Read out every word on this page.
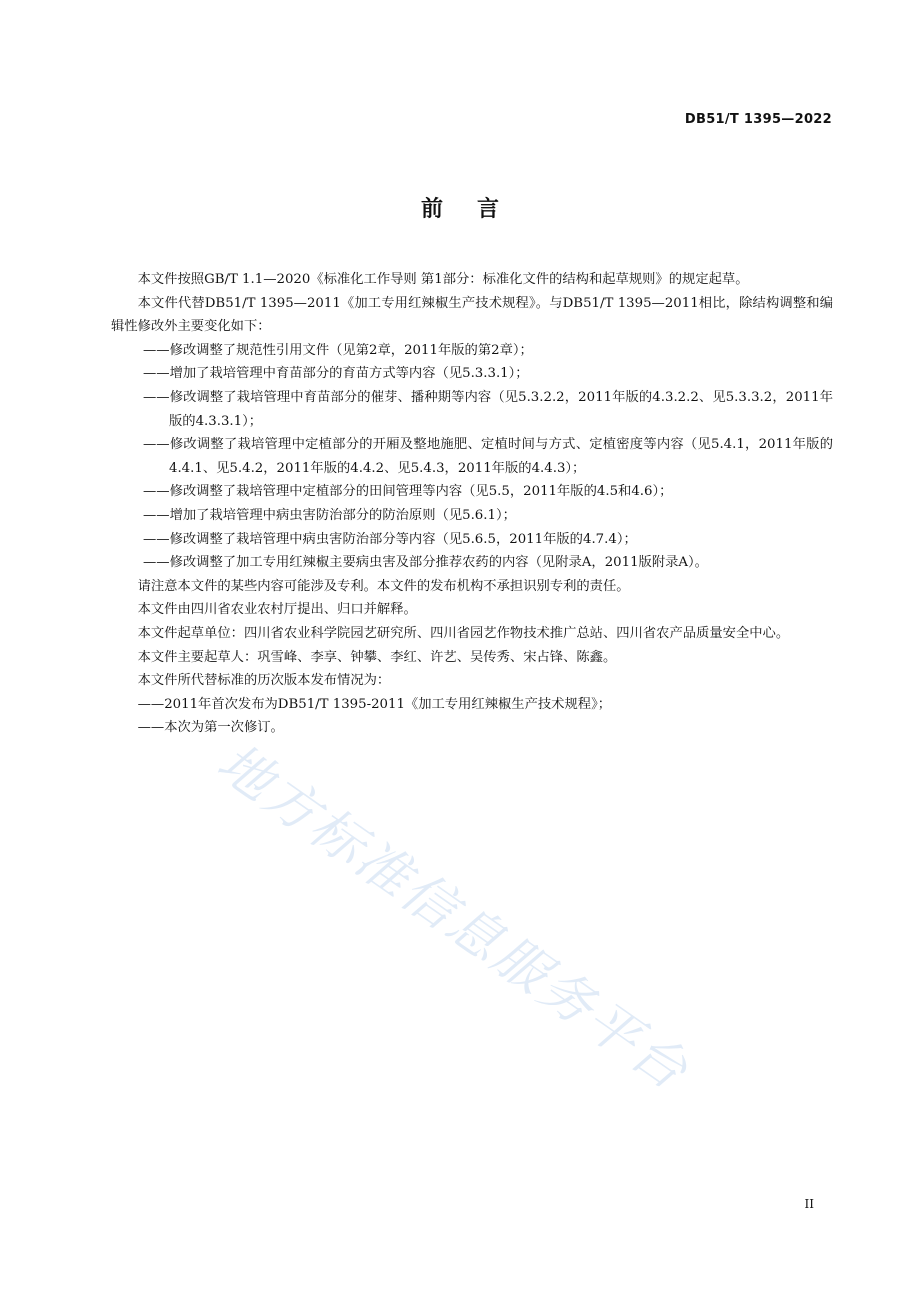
DB51/T 1395—2022
前言

本文件按照GB/T 1.1—2020《标准化工作导则 第1部分：标准化文件的结构和起草规则》的规定起草。

本文件代替DB51/T 1395—2011《加工专用红辣椒生产技术规程》。与DB51/T 1395—2011相比，除结构调整和编辑性修改外主要变化如下：

——修改调整了规范性引用文件（见第2章，2011年版的第2章）；

——增加了栽培管理中育苗部分的育苗方式等内容（见5.3.3.1）；

——修改调整了栽培管理中育苗部分的催芽、播种期等内容（见5.3.2.2，2011年版的4.3.2.2、见5.3.3.2，2011年版的4.3.3.1）；

——修改调整了栽培管理中定植部分的开厢及整地施肥、定植时间与方式、定植密度等内容（见5.4.1，2011年版的4.4.1、见5.4.2，2011年版的4.4.2、见5.4.3，2011年版的4.4.3）；

——修改调整了栽培管理中定植部分的田间管理等内容（见5.5，2011年版的4.5和4.6）；

——增加了栽培管理中病虫害防治部分的防治原则（见5.6.1）；

——修改调整了栽培管理中病虫害防治部分等内容（见5.6.5，2011年版的4.7.4）；

——修改调整了加工专用红辣椒主要病虫害及部分推荐农药的内容（见附录A，2011版附录A）。

请注意本文件的某些内容可能涉及专利。本文件的发布机构不承担识别专利的责任。

本文件由四川省农业农村厅提出、归口并解释。

本文件起草单位：四川省农业科学院园艺研究所、四川省园艺作物技术推广总站、四川省农产品质量安全中心。

本文件主要起草人：巩雪峰、李享、钟攀、李红、许艺、吴传秀、宋占锋、陈鑫。

本文件所代替标准的历次版本发布情况为：

——2011年首次发布为DB51/T 1395-2011《加工专用红辣椒生产技术规程》；

——本次为第一次修订。

地方标准信息服务平台
II
